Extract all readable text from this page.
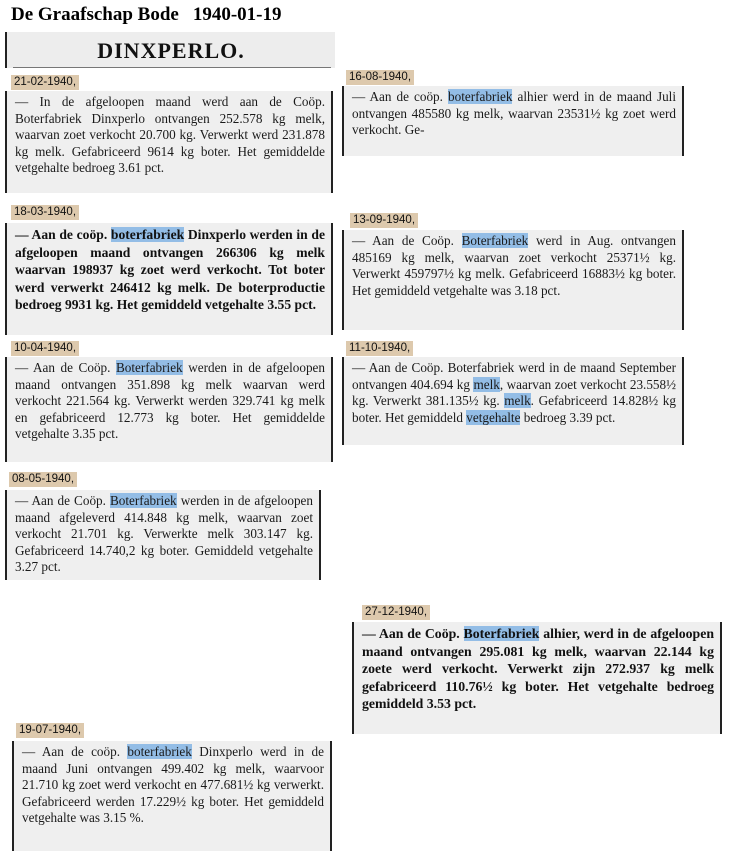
De Graafschap Bode 1940-01-19
DINXPERLO.

— In de afgeloopen maand werd aan de Coöp. Boterfabriek Dinxperlo ontvangen 252.578 kg melk, waarvan zoet verkocht 20.700 kg. Verwerkt werd 231.878 kg melk. Gefabriceerd 9614 kg boter. Het gemiddelde vetgehalte bedroeg 3.61 pct.

21-02-1940,

— Aan de coöp. boterfabriek Dinxperlo werden in de afgeloopen maand ontvangen 266306 kg melk waarvan 198937 kg zoet werd verkocht. Tot boter werd verwerkt 246412 kg melk. De boterproductie bedroeg 9931 kg. Het gemiddeld vetgehalte 3.55 pct.

18-03-1940,

— Aan de Coöp. Boterfabriek werden in de afgeloopen maand ontvangen 351.898 kg melk waarvan werd verkocht 221.564 kg. Verwerkt werden 329.741 kg melk en gefabriceerd 12.773 kg boter. Het gemiddelde vetgehalte 3.35 pct.

10-04-1940,

— Aan de Coöp. Boterfabriek werden in de afgeloopen maand afgeleverd 414.848 kg melk, waarvan zoet verkocht 21.701 kg. Verwerkte melk 303.147 kg. Gefabriceerd 14.740,2 kg boter. Gemiddeld vetgehalte 3.27 pct.

08-05-1940,

— Aan de coöp. boterfabriek Dinxperlo werd in de maand Juni ontvangen 499.402 kg melk, waarvoor 21.710 kg zoet werd verkocht en 477.681½ kg verwerkt. Gefabriceerd werden 17.229½ kg boter. Het gemiddeld vetgehalte was 3.15 %.

19-07-1940,

— Aan de coöp. boterfabriek alhier werd in de maand Juli ontvangen 485580 kg melk, waarvan 23531½ kg zoet werd verkocht. Ge-

16-08-1940,

— Aan de Coöp. Boterfabriek werd in Aug. ontvangen 485169 kg melk, waarvan zoet verkocht 25371½ kg. Verwerkt 459797½ kg melk. Gefabriceerd 16883½ kg boter. Het gemiddeld vetgehalte was 3.18 pct.

13-09-1940,

— Aan de Coöp. Boterfabriek werd in de maand September ontvangen 404.694 kg melk, waarvan zoet verkocht 23.558½ kg. Verwerkt 381.135½ kg. melk. Gefabriceerd 14.828½ kg boter. Het gemiddeld vetgehalte bedroeg 3.39 pct.

11-10-1940,

— Aan de Coöp. Boterfabriek alhier, werd in de afgeloopen maand ontvangen 295.081 kg melk, waarvan 22.144 kg zoete werd verkocht. Verwerkt zijn 272.937 kg melk gefabriceerd 110.76½ kg boter. Het vetgehalte bedroeg gemiddeld 3.53 pct.

27-12-1940,
